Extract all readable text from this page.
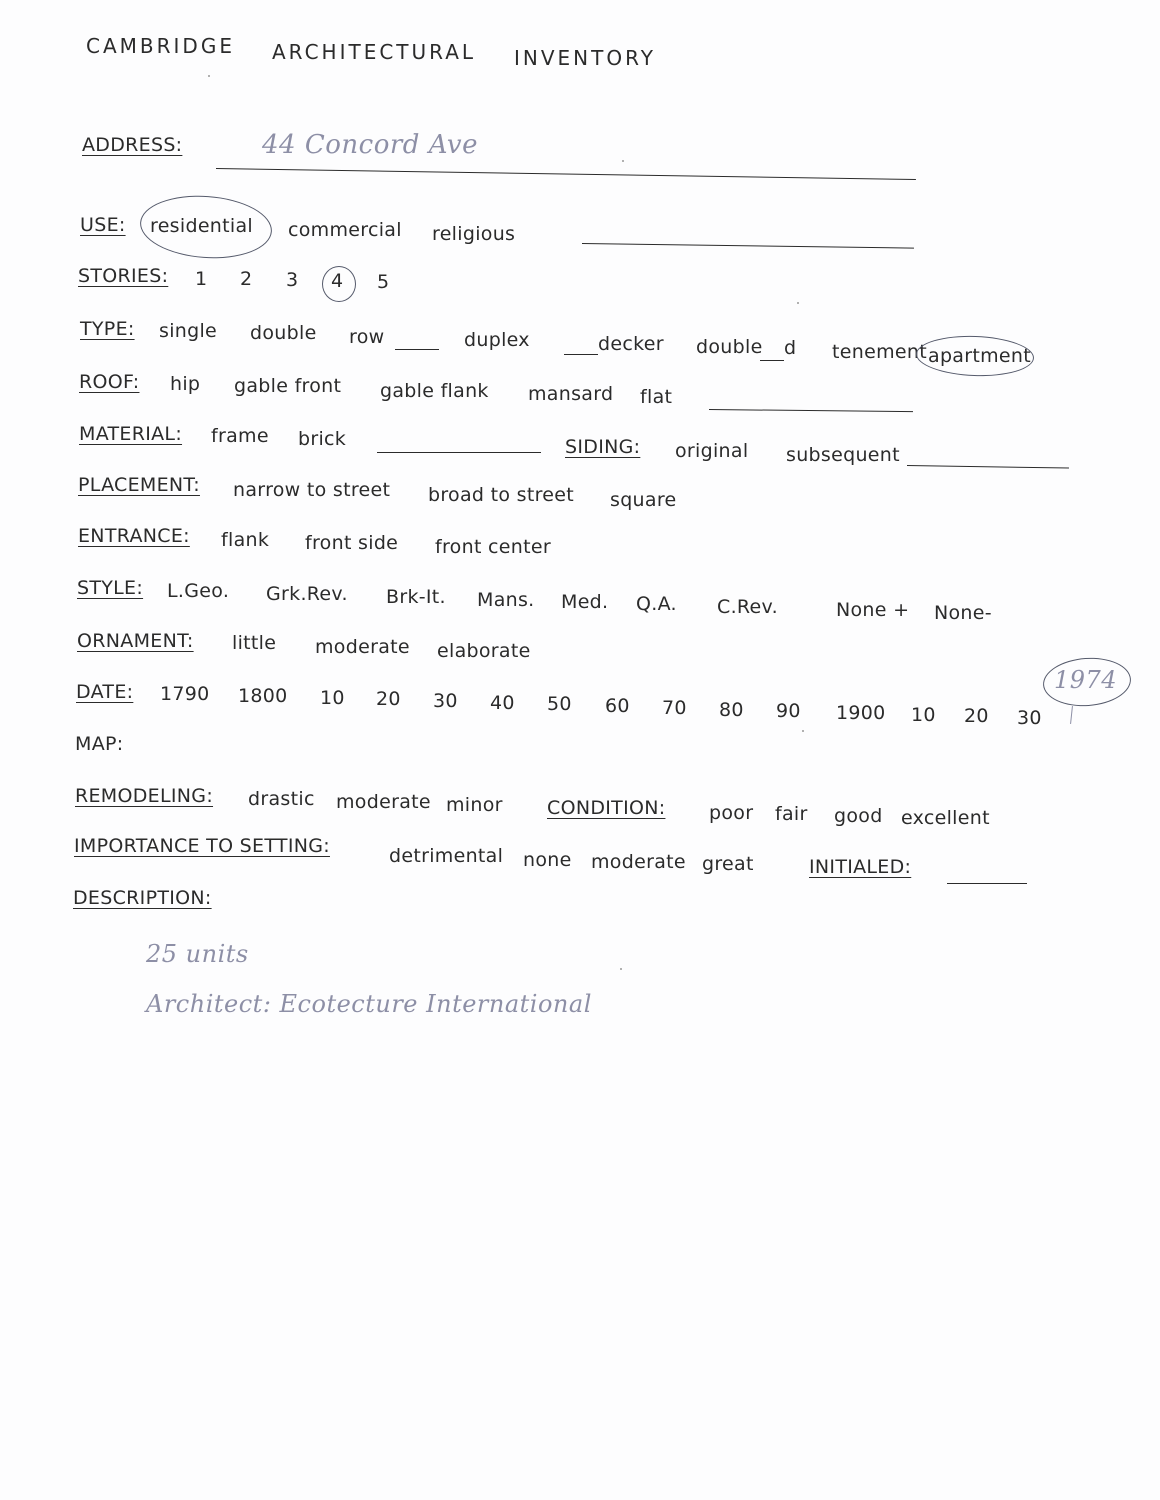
CAMBRIDGE ARCHITECTURAL INVENTORY
ADDRESS:	44 Concord Ave
USE: residential commercial religious
STORIES: 1 2 3 4 5
TYPE: single double row	duplex	decker double d tenement apartment
ROOF: hip gable front gable flank mansard flat
MATERIAL: frame brick	SIDING: original subsequent
PLACEMENT: narrow to street broad to street square
ENTRANCE: flank front side front center
STYLE: L.Geo. Grk.Rev. Brk-It. Mans. Med. Q.A. C.Rev.	None + None-
ORNAMENT: little moderate elaborate
DATE: 1790 1800 10 20 30 40 50 60 70 80 90 1900 10 20 30
1974
MAP:
REMODELING: drastic moderate minor CONDITION: poor fair good excellent
IMPORTANCE TO SETTING:	detrimental none moderate great	INITIALED:
DESCRIPTION:
25 units
Architect: Ecotecture International
